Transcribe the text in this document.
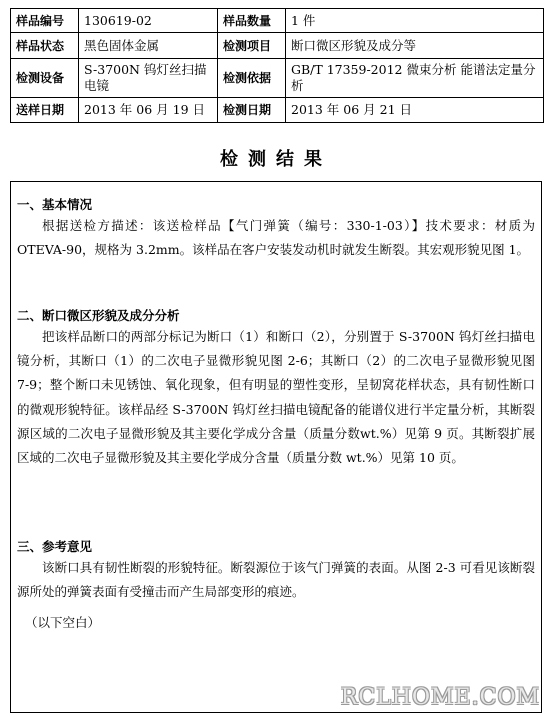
样品编号	130619-02	样品数量	1 件
样品状态	黑色固体金属	检测项目	断口微区形貌及成分等
检测设备	S-3700N 钨灯丝扫描电镜	检测依据	GB/T 17359-2012 微束分析 能谱法定量分析
送样日期	2013 年 06 月 19 日	检测日期	2013 年 06 月 21 日
检测结果
一、基本情况

根据送检方描述：该送检样品【气门弹簧（编号：330-1-03）】技术要求：材质为OTEVA-90，规格为 3.2mm。该样品在客户安装发动机时就发生断裂。其宏观形貌见图 1。

二、断口微区形貌及成分分析

把该样品断口的两部分标记为断口（1）和断口（2），分别置于 S-3700N 钨灯丝扫描电镜分析，其断口（1）的二次电子显微形貌见图 2-6；其断口（2）的二次电子显微形貌见图 7-9；整个断口未见锈蚀、氧化现象，但有明显的塑性变形，呈韧窝花样状态，具有韧性断口的微观形貌特征。该样品经 S-3700N 钨灯丝扫描电镜配备的能谱仪进行半定量分析，其断裂源区域的二次电子显微形貌及其主要化学成分含量（质量分数wt.%）见第 9 页。其断裂扩展区域的二次电子显微形貌及其主要化学成分含量（质量分数 wt.%）见第 10 页。

三、参考意见

该断口具有韧性断裂的形貌特征。断裂源位于该气门弹簧的表面。从图 2-3 可看见该断裂源所处的弹簧表面有受撞击而产生局部变形的痕迹。

（以下空白）
RCLHOME.COM
